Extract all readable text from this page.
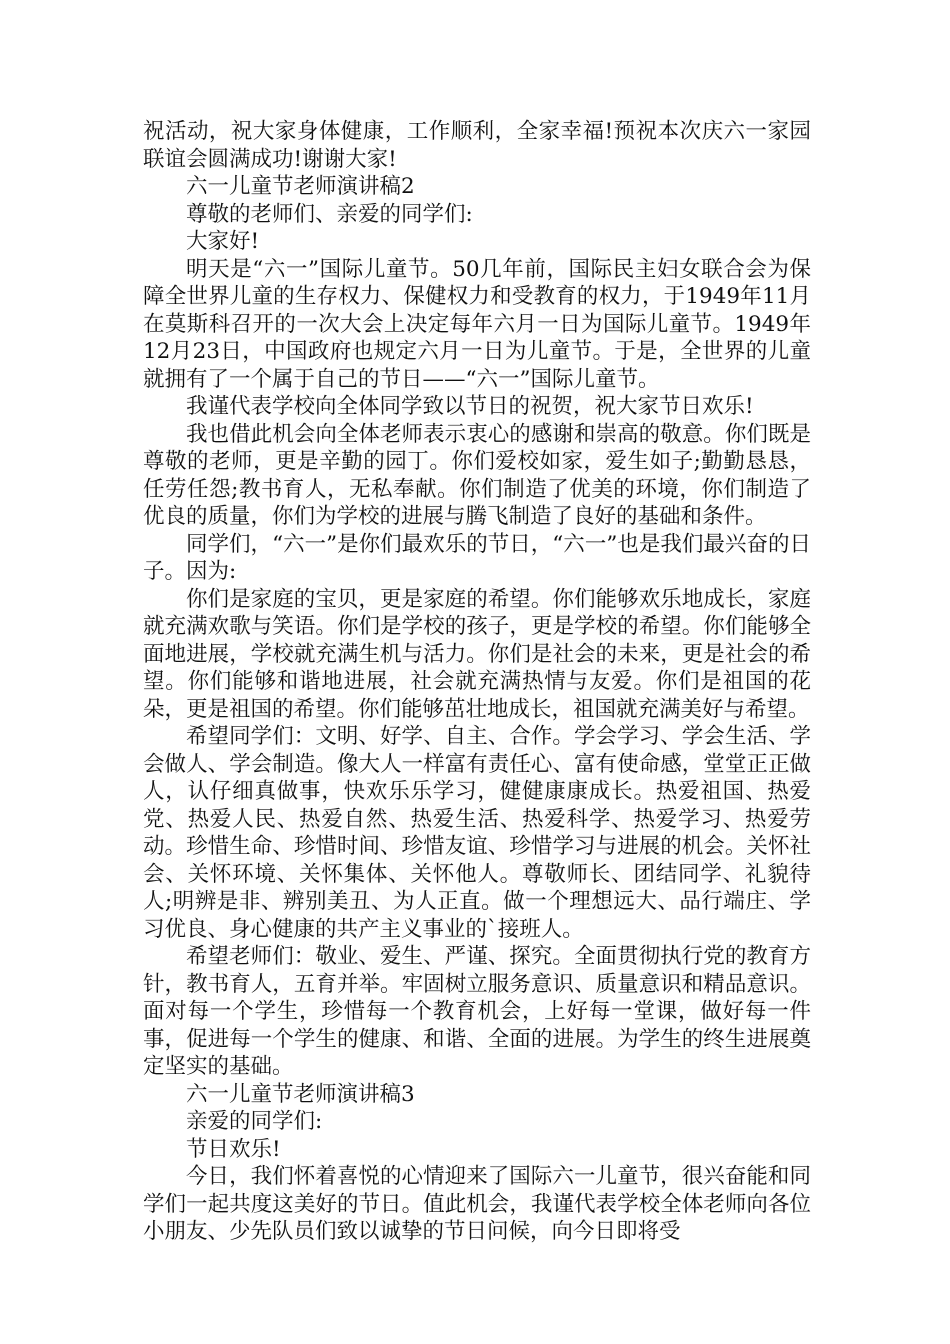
祝活动，祝大家身体健康，工作顺利，全家幸福!预祝本次庆六一家园联谊会圆满成功!谢谢大家!

六一儿童节老师演讲稿2

尊敬的老师们、亲爱的同学们:

大家好!

明天是“六一”国际儿童节。50几年前，国际民主妇女联合会为保障全世界儿童的生存权力、保健权力和受教育的权力，于1949年11月在莫斯科召开的一次大会上决定每年六月一日为国际儿童节。1949年12月23日，中国政府也规定六月一日为儿童节。于是，全世界的儿童就拥有了一个属于自己的节日——“六一”国际儿童节。

我谨代表学校向全体同学致以节日的祝贺，祝大家节日欢乐!

我也借此机会向全体老师表示衷心的感谢和崇高的敬意。你们既是尊敬的老师，更是辛勤的园丁。你们爱校如家，爱生如子;勤勤恳恳，任劳任怨;教书育人，无私奉献。你们制造了优美的环境，你们制造了优良的质量，你们为学校的进展与腾飞制造了良好的基础和条件。

同学们，“六一”是你们最欢乐的节日，“六一”也是我们最兴奋的日子。因为:

你们是家庭的宝贝，更是家庭的希望。你们能够欢乐地成长，家庭就充满欢歌与笑语。你们是学校的孩子，更是学校的希望。你们能够全面地进展，学校就充满生机与活力。你们是社会的未来，更是社会的希望。你们能够和谐地进展，社会就充满热情与友爱。你们是祖国的花朵，更是祖国的希望。你们能够茁壮地成长，祖国就充满美好与希望。

希望同学们：文明、好学、自主、合作。学会学习、学会生活、学会做人、学会制造。像大人一样富有责任心、富有使命感，堂堂正正做人，认仔细真做事，快欢乐乐学习，健健康康成长。热爱祖国、热爱党、热爱人民、热爱自然、热爱生活、热爱科学、热爱学习、热爱劳动。珍惜生命、珍惜时间、珍惜友谊、珍惜学习与进展的机会。关怀社会、关怀环境、关怀集体、关怀他人。尊敬师长、团结同学、礼貌待人;明辨是非、辨别美丑、为人正直。做一个理想远大、品行端庄、学习优良、身心健康的共产主义事业的`接班人。

希望老师们：敬业、爱生、严谨、探究。全面贯彻执行党的教育方针，教书育人，五育并举。牢固树立服务意识、质量意识和精品意识。面对每一个学生，珍惜每一个教育机会，上好每一堂课，做好每一件事，促进每一个学生的健康、和谐、全面的进展。为学生的终生进展奠定坚实的基础。

六一儿童节老师演讲稿3

亲爱的同学们:

节日欢乐!

今日，我们怀着喜悦的心情迎来了国际六一儿童节，很兴奋能和同学们一起共度这美好的节日。值此机会，我谨代表学校全体老师向各位小朋友、少先队员们致以诚挚的节日问候，向今日即将受
